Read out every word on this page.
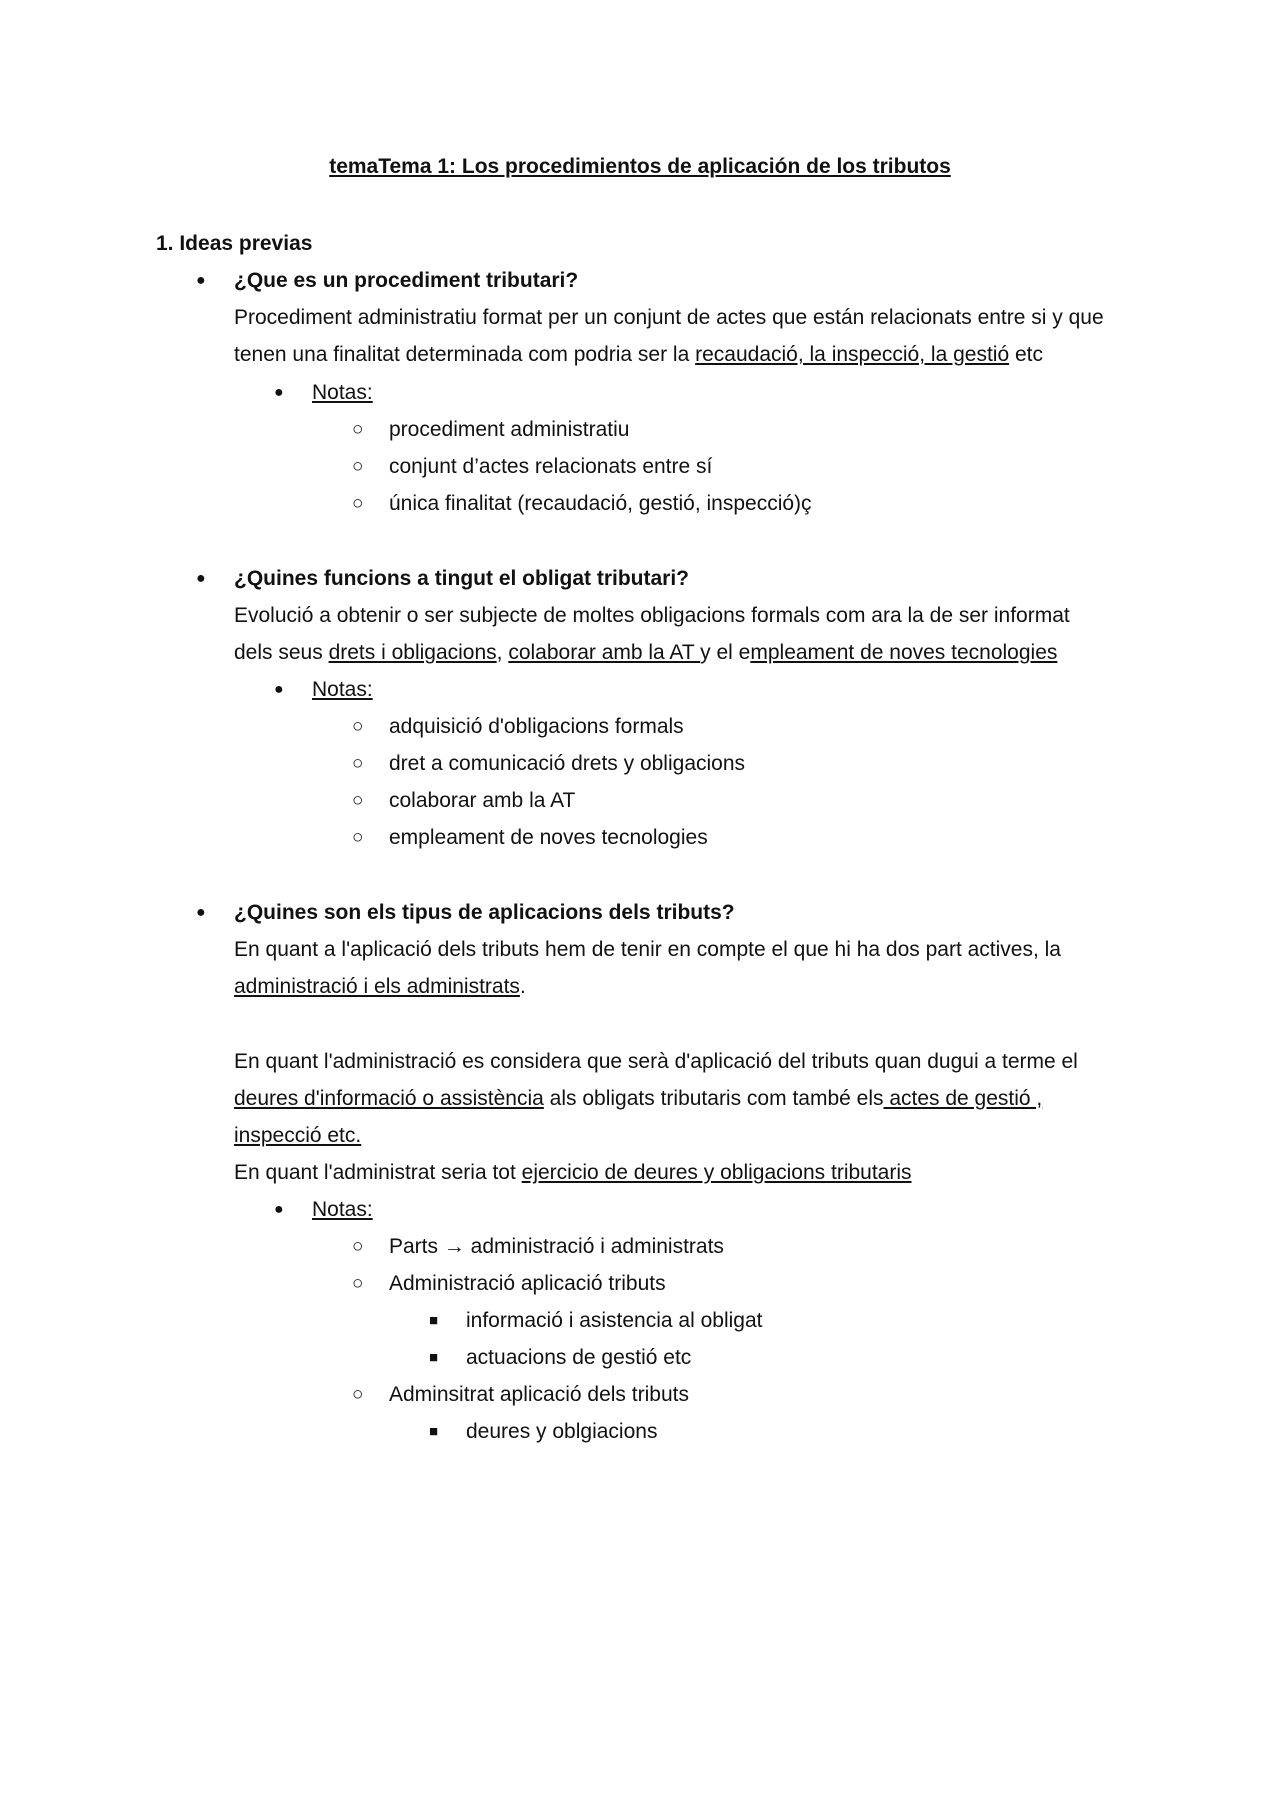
temaTema 1: Los procedimientos de aplicación de los tributos
1. Ideas previas
● ¿Que es un procediment tributari?
Procediment administratiu format per un conjunt de actes que están relacionats entre si y que
tenen una finalitat determinada com podria ser la recaudació, la inspecció, la gestió etc
● Notas:
○ procediment administratiu
○ conjunt d’actes relacionats entre sí
○ única finalitat (recaudació, gestió, inspecció)ç
● ¿Quines funcions a tingut el obligat tributari?
Evolució a obtenir o ser subjecte de moltes obligacions formals com ara la de ser informat
dels seus drets i obligacions, colaborar amb la AT y el empleament de noves tecnologies
● Notas:
○ adquisició d'obligacions formals
○ dret a comunicació drets y obligacions
○ colaborar amb la AT
○ empleament de noves tecnologies
● ¿Quines son els tipus de aplicacions dels tributs?
En quant a l'aplicació dels tributs hem de tenir en compte el que hi ha dos part actives, la
administració i els administrats.
En quant l'administració es considera que serà d'aplicació del tributs quan dugui a terme el
deures d'informació o assistència als obligats tributaris com també els actes de gestió ,
inspecció etc.
En quant l'administrat seria tot ejercicio de deures y obligacions tributaris
● Notas:
○ Parts → administració i administrats
○ Administració aplicació tributs
■ informació i asistencia al obligat
■ actuacions de gestió etc
○ Adminsitrat aplicació dels tributs
■ deures y oblgiacions
